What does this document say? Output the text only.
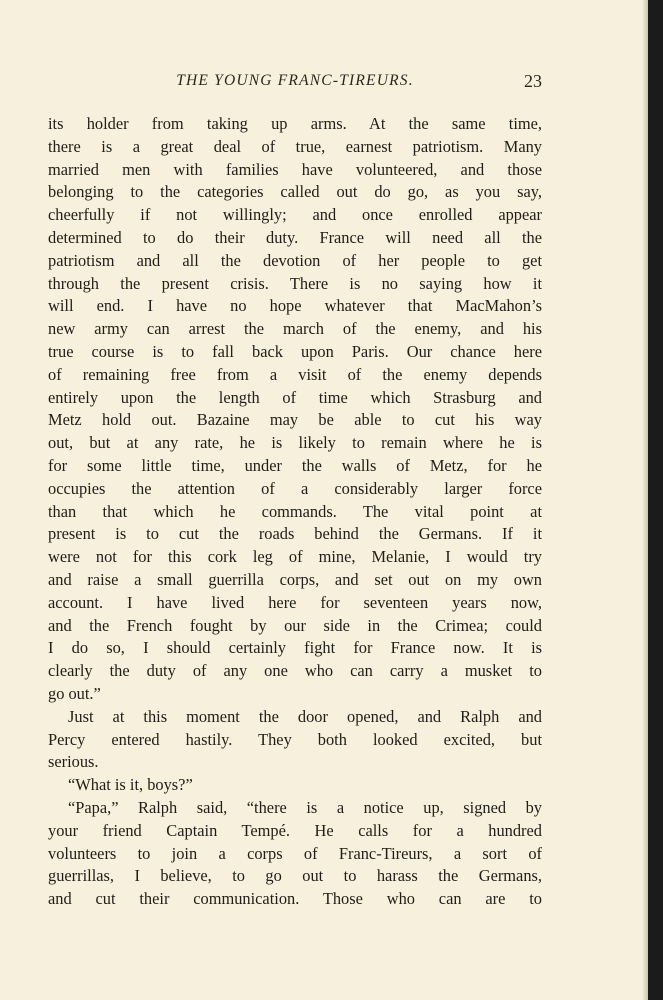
THE YOUNG FRANC-TIREURS.	23
its holder from taking up arms. At the same time,
there is a great deal of true, earnest patriotism. Many
married men with families have volunteered, and those
belonging to the categories called out do go, as you say,
cheerfully if not willingly; and once enrolled appear
determined to do their duty. France will need all the
patriotism and all the devotion of her people to get
through the present crisis. There is no saying how it
will end. I have no hope whatever that MacMahon’s
new army can arrest the march of the enemy, and his
true course is to fall back upon Paris. Our chance here
of remaining free from a visit of the enemy depends
entirely upon the length of time which Strasburg and
Metz hold out. Bazaine may be able to cut his way
out, but at any rate, he is likely to remain where he is
for some little time, under the walls of Metz, for he
occupies the attention of a considerably larger force
than that which he commands. The vital point at
present is to cut the roads behind the Germans. If it
were not for this cork leg of mine, Melanie, I would try
and raise a small guerrilla corps, and set out on my own
account. I have lived here for seventeen years now,
and the French fought by our side in the Crimea; could
I do so, I should certainly fight for France now. It is
clearly the duty of any one who can carry a musket to
go out.”
Just at this moment the door opened, and Ralph and
Percy entered hastily. They both looked excited, but
serious.
“What is it, boys?”
“Papa,” Ralph said, “there is a notice up, signed by
your friend Captain Tempé. He calls for a hundred
volunteers to join a corps of Franc-Tireurs, a sort of
guerrillas, I believe, to go out to harass the Germans,
and cut their communication. Those who can are to
